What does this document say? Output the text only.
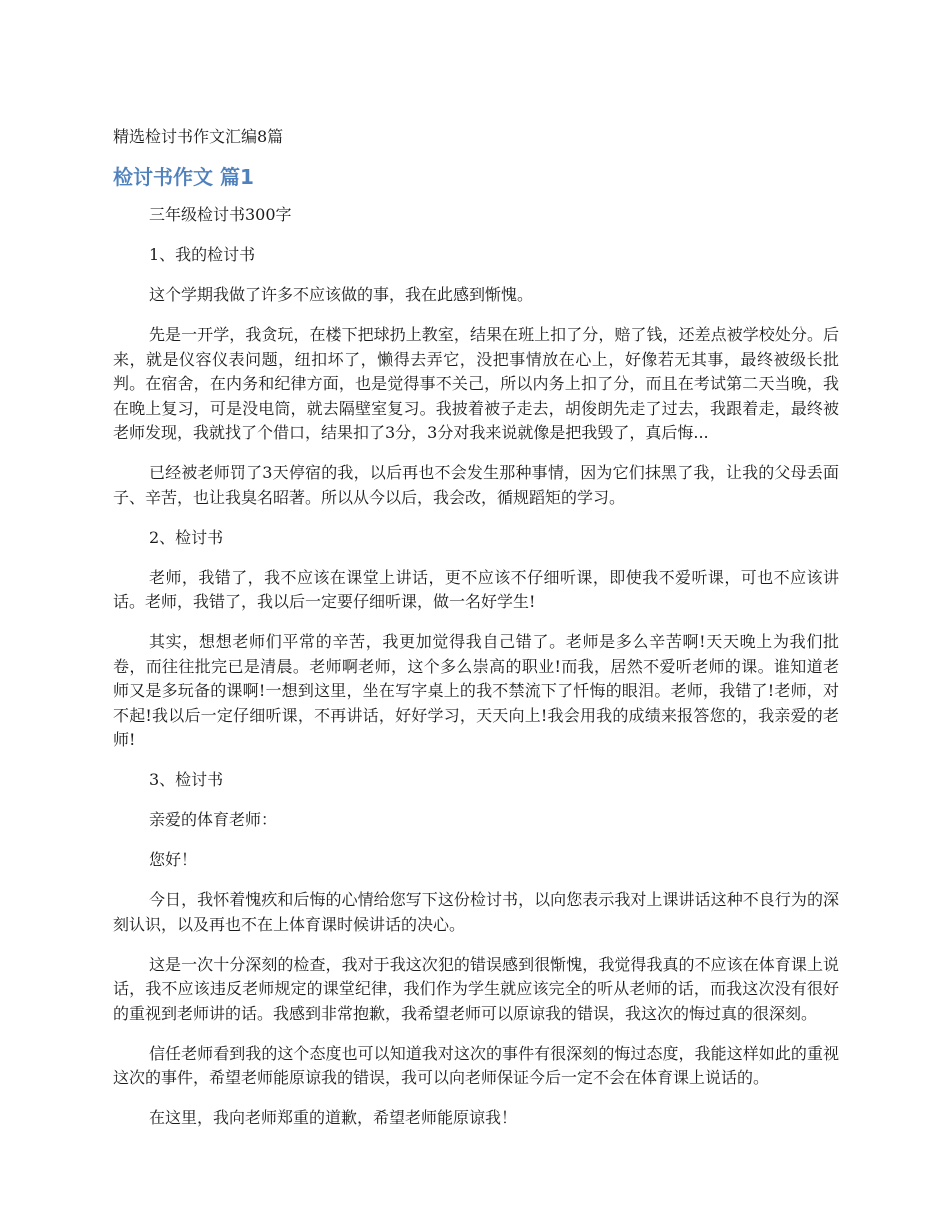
精选检讨书作文汇编8篇
检讨书作文 篇1

三年级检讨书300字

1、我的检讨书

这个学期我做了许多不应该做的事，我在此感到惭愧。

先是一开学，我贪玩，在楼下把球扔上教室，结果在班上扣了分，赔了钱，还差点被学校处分。后来，就是仪容仪表问题，纽扣坏了，懒得去弄它，没把事情放在心上，好像若无其事，最终被级长批判。在宿舍，在内务和纪律方面，也是觉得事不关己，所以内务上扣了分，而且在考试第二天当晚，我在晚上复习，可是没电筒，就去隔壁室复习。我披着被子走去，胡俊朗先走了过去，我跟着走，最终被老师发现，我就找了个借口，结果扣了3分，3分对我来说就像是把我毁了，真后悔...

已经被老师罚了3天停宿的我，以后再也不会发生那种事情，因为它们抹黑了我，让我的父母丢面子、辛苦，也让我臭名昭著。所以从今以后，我会改，循规蹈矩的学习。

2、检讨书

老师，我错了，我不应该在课堂上讲话，更不应该不仔细听课，即使我不爱听课，可也不应该讲话。老师，我错了，我以后一定要仔细听课，做一名好学生!

其实，想想老师们平常的辛苦，我更加觉得我自己错了。老师是多么辛苦啊!天天晚上为我们批卷，而往往批完已是清晨。老师啊老师，这个多么崇高的职业!而我，居然不爱听老师的课。谁知道老师又是多玩备的课啊!一想到这里，坐在写字桌上的我不禁流下了忏悔的眼泪。老师，我错了!老师，对不起!我以后一定仔细听课，不再讲话，好好学习，天天向上!我会用我的成绩来报答您的，我亲爱的老师!

3、检讨书

亲爱的体育老师：

您好！

今日，我怀着愧疚和后悔的心情给您写下这份检讨书，以向您表示我对上课讲话这种不良行为的深刻认识，以及再也不在上体育课时候讲话的决心。

这是一次十分深刻的检查，我对于我这次犯的错误感到很惭愧，我觉得我真的不应该在体育课上说话，我不应该违反老师规定的课堂纪律，我们作为学生就应该完全的听从老师的话，而我这次没有很好的重视到老师讲的话。我感到非常抱歉，我希望老师可以原谅我的错误，我这次的悔过真的很深刻。

信任老师看到我的这个态度也可以知道我对这次的事件有很深刻的悔过态度，我能这样如此的重视这次的事件，希望老师能原谅我的错误，我可以向老师保证今后一定不会在体育课上说话的。

在这里，我向老师郑重的道歉，希望老师能原谅我！
